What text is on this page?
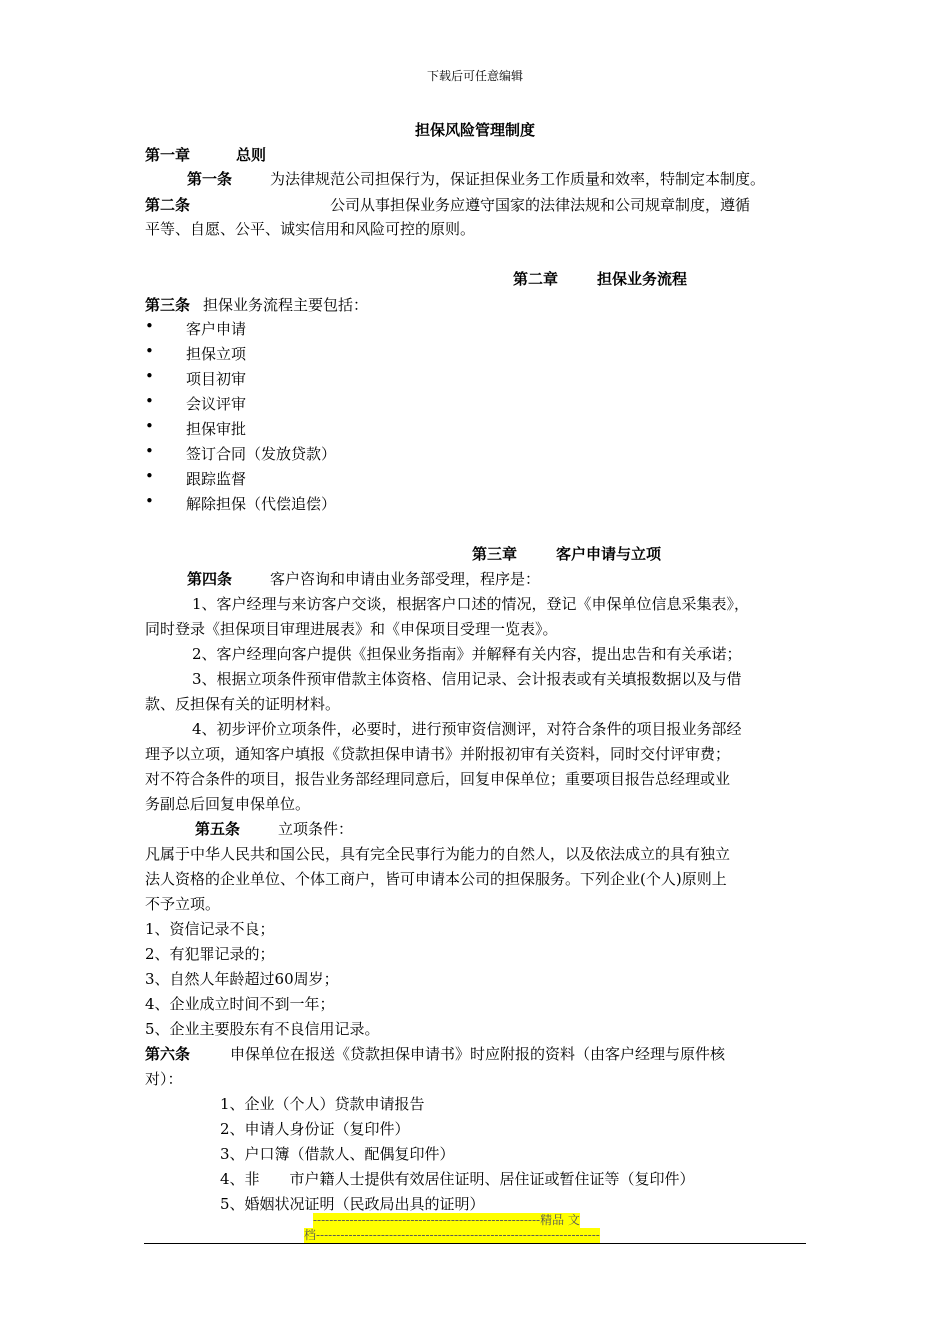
下载后可任意编辑
担保风险管理制度
第一章	总则
第一条	为法律规范公司担保行为，保证担保业务工作质量和效率，特制定本制度。
第二条	公司从事担保业务应遵守国家的法律法规和公司规章制度，遵循
平等、自愿、公平、诚实信用和风险可控的原则。
第二章	担保业务流程
第三条 担保业务流程主要包括：
• 客户申请
• 担保立项
• 项目初审
• 会议评审
• 担保审批
• 签订合同（发放贷款）
• 跟踪监督
• 解除担保（代偿追偿）
第三章	客户申请与立项
第四条	客户咨询和申请由业务部受理，程序是：
1、客户经理与来访客户交谈，根据客户口述的情况，登记《申保单位信息采集表》，
同时登录《担保项目审理进展表》和《申保项目受理一览表》。
2、客户经理向客户提供《担保业务指南》并解释有关内容，提出忠告和有关承诺；
3、根据立项条件预审借款主体资格、信用记录、会计报表或有关填报数据以及与借
款、反担保有关的证明材料。
4、初步评价立项条件，必要时，进行预审资信测评，对符合条件的项目报业务部经
理予以立项，通知客户填报《贷款担保申请书》并附报初审有关资料，同时交付评审费；
对不符合条件的项目，报告业务部经理同意后，回复申保单位；重要项目报告总经理或业
务副总后回复申保单位。
第五条	立项条件：
凡属于中华人民共和国公民，具有完全民事行为能力的自然人，以及依法成立的具有独立
法人资格的企业单位、个体工商户，皆可申请本公司的担保服务。下列企业(个人)原则上
不予立项。
1、资信记录不良；
2、有犯罪记录的；
3、自然人年龄超过60周岁；
4、企业成立时间不到一年；
5、企业主要股东有不良信用记录。
第六条	申保单位在报送《贷款担保申请书》时应附报的资料（由客户经理与原件核
对）：
1、企业（个人）贷款申请报告
2、申请人身份证（复印件）
3、户口簿（借款人、配偶复印件）
4、非　　市户籍人士提供有效居住证明、居住证或暂住证等（复印件）
5、婚姻状况证明（民政局出具的证明）
--------------------------------------------------------精品 文
档----------------------------------------------------------------------
